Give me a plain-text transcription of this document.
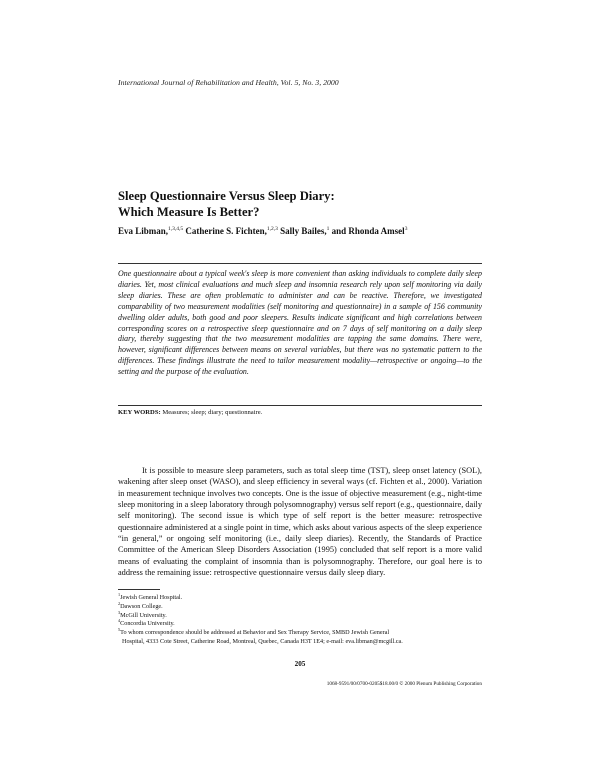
International Journal of Rehabilitation and Health, Vol. 5, No. 3, 2000
Sleep Questionnaire Versus Sleep Diary:
Which Measure Is Better?
Eva Libman,$^{1,3,4,5}$ Catherine S. Fichten,$^{1,2,3}$ Sally Bailes,$^1$ and Rhonda Amsel$^3$
One questionnaire about a typical week's sleep is more convenient than asking individuals to complete daily sleep diaries. Yet, most clinical evaluations and much sleep and insomnia research rely upon self monitoring via daily sleep diaries. These are often problematic to administer and can be reactive. Therefore, we investigated comparability of two measurement modalities (self monitoring and questionnaire) in a sample of 156 community dwelling older adults, both good and poor sleepers. Results indicate significant and high correlations between corresponding scores on a retrospective sleep questionnaire and on 7 days of self monitoring on a daily sleep diary, thereby suggesting that the two measurement modalities are tapping the same domains. There were, however, significant differences between means on several variables, but there was no systematic pattern to the differences. These findings illustrate the need to tailor measurement modality—retrospective or ongoing—to the setting and the purpose of the evaluation.
KEY WORDS: Measures; sleep; diary; questionnaire.

It is possible to measure sleep parameters, such as total sleep time (TST), sleep onset latency (SOL), wakening after sleep onset (WASO), and sleep efficiency in several ways (cf. Fichten et al., 2000). Variation in measurement technique involves two concepts. One is the issue of objective measurement (e.g., night-time sleep monitoring in a sleep laboratory through polysomnography) versus self report (e.g., questionnaire, daily self monitoring). The second issue is which type of self report is the better measure: retrospective questionnaire administered at a single point in time, which asks about various aspects of the sleep experience “in general,” or ongoing self monitoring (i.e., daily sleep diaries). Recently, the Standards of Practice Committee of the American Sleep Disorders Association (1995) concluded that self report is a more valid means of evaluating the complaint of insomnia than is polysomnography. Therefore, our goal here is to address the remaining issue: retrospective questionnaire versus daily sleep diary.

$^1$Jewish General Hospital.
$^2$Dawson College.
$^3$McGill University.
$^4$Concordia University.
$^5$To whom correspondence should be addressed at Behavior and Sex Therapy Service, SMBD Jewish General
Hospital, 4333 Cote Street, Catherine Road, Montreal, Quebec, Canada H3T 1E4; e-mail: eva.libman@mcgill.ca.
205
1068-9591/00/0700-0205$18.00/0 © 2000 Plenum Publishing Corporation
